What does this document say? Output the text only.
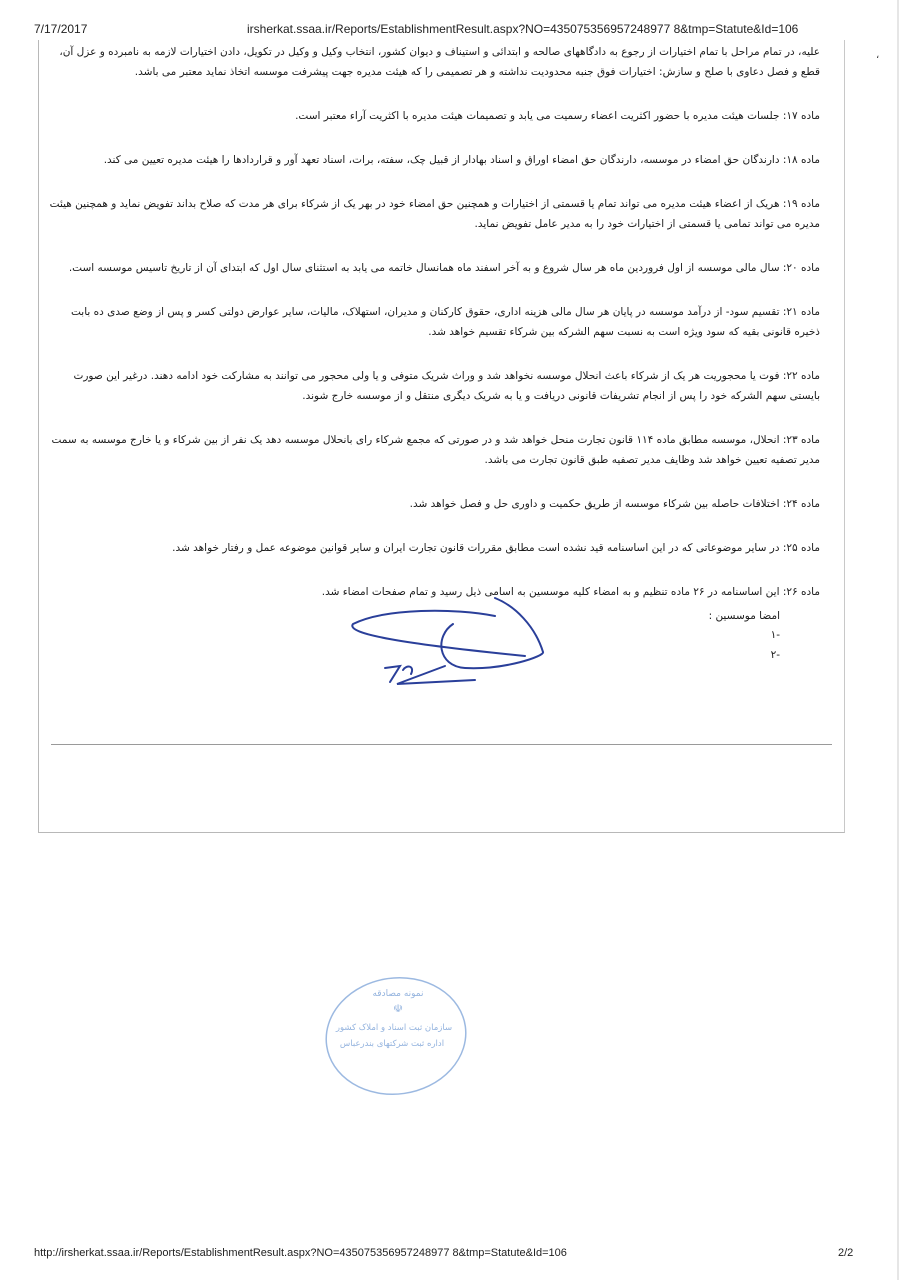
7/17/2017	irsherkat.ssaa.ir/Reports/EstablishmentResult.aspx?NO=435075356957248977 8&tmp=Statute&Id=106
،

علیه، در تمام مراحل با تمام اختیارات از رجوع به دادگاههای صالحه و ابتدائی و استیناف و دیوان کشور، انتخاب وکیل و وکیل در تکویل، دادن اختیارات لازمه به نامبرده و عزل آن، قطع و فصل دعاوی با صلح و سازش: اختیارات فوق جنبه محدودیت نداشته و هر تصمیمی را که هیئت مدیره جهت پیشرفت موسسه اتخاذ نماید معتبر می باشد.

ماده ۱۷: جلسات هیئت مدیره با حضور اکثریت اعضاء رسمیت می یابد و تصمیمات هیئت مدیره با اکثریت آراء معتبر است.

ماده ۱۸: دارندگان حق امضاء در موسسه، دارندگان حق امضاء اوراق و اسناد بهادار از قبیل چک، سفته، برات، اسناد تعهد آور و قراردادها را هیئت مدیره تعیین می کند.

ماده ۱۹: هریک از اعضاء هیئت مدیره می تواند تمام یا قسمتی از اختیارات و همچنین حق امضاء خود در بهر یک از شرکاء برای هر مدت که صلاح بداند تفویض نماید و همچنین هیئت مدیره می تواند تمامی یا قسمتی از اختیارات خود را به مدیر عامل تفویض نماید.

ماده ۲۰: سال مالی موسسه از اول فروردین ماه هر سال شروع و به آخر اسفند ماه همانسال خاتمه می یابد به استثنای سال اول که ابتدای آن از تاریخ تاسیس موسسه است.

ماده ۲۱: تقسیم سود- از درآمد موسسه در پایان هر سال مالی هزینه اداری، حقوق کارکنان و مدیران، استهلاک، مالیات، سایر عوارض دولتی کسر و پس از وضع صدی ده بابت ذخیره قانونی بقیه که سود ویژه است به نسبت سهم الشرکه بین شرکاء تقسیم خواهد شد.

ماده ۲۲: فوت یا محجوریت هر یک از شرکاء باعث انحلال موسسه نخواهد شد و وراث شریک متوفی و یا ولی محجور می توانند به مشارکت خود ادامه دهند. درغیر این صورت بایستی سهم الشرکه خود را پس از انجام تشریفات قانونی دریافت و یا به شریک دیگری منتقل و از موسسه خارج شوند.

ماده ۲۳: انحلال، موسسه مطابق ماده ۱۱۴ قانون تجارت منحل خواهد شد و در صورتی که مجمع شرکاء رای بانحلال موسسه دهد یک نفر از بین شرکاء و یا خارج موسسه به سمت مدیر تصفیه تعیین خواهد شد وظایف مدیر تصفیه طبق قانون تجارت می باشد.

ماده ۲۴: اختلافات حاصله بین شرکاء موسسه از طریق حکمیت و داوری حل و فصل خواهد شد.

ماده ۲۵: در سایر موضوعاتی که در این اساسنامه قید نشده است مطابق مقررات قانون تجارت ایران و سایر قوانین موضوعه عمل و رفتار خواهد شد.

ماده ۲۶: این اساسنامه در ۲۶ ماده تنظیم و به امضاء کلیه موسسین به اسامی ذیل رسید و تمام صفحات امضاء شد.

امضا موسسین :
-۱
-۲
نمونه مصادقه
☫
سازمان ثبت اسناد و املاک کشور
اداره ثبت شرکتهای بندرعباس
http://irsherkat.ssaa.ir/Reports/EstablishmentResult.aspx?NO=435075356957248977 8&tmp=Statute&Id=106	2/2
